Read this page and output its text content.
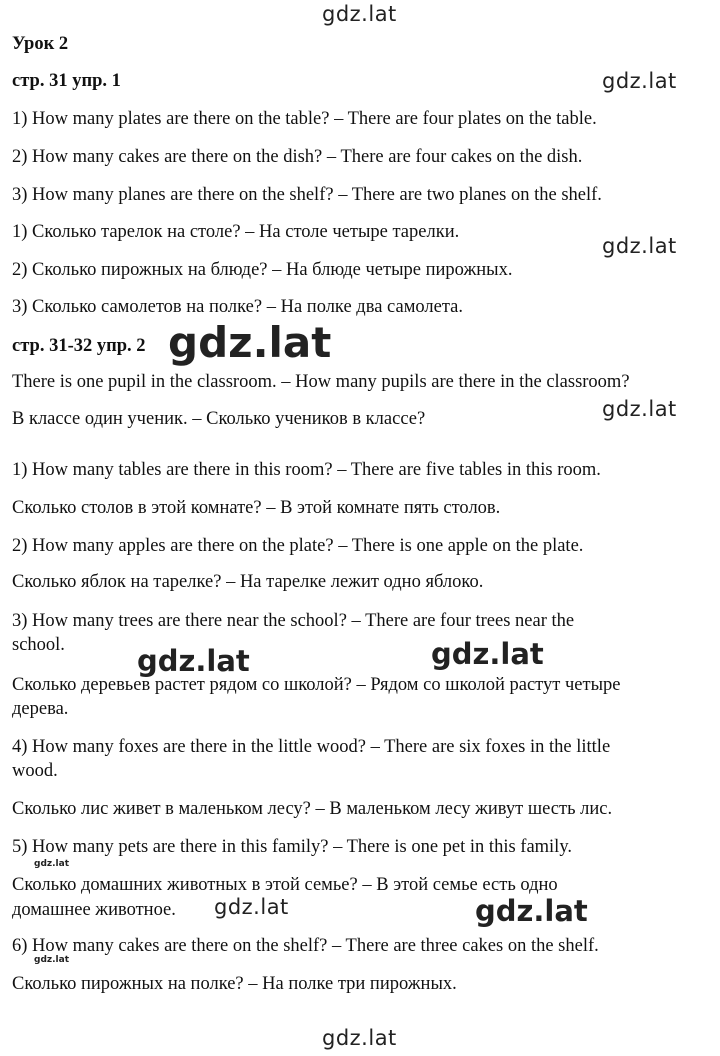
gdz.lat
gdz.lat
gdz.lat
gdz.lat
gdz.lat
gdz.lat	gdz.lat
gdz.lat
gdz.lat	gdz.lat
gdz.lat
gdz.lat
Урок 2
стр. 31 упр. 1
1) How many plates are there on the table? – There are four plates on the table.
2) How many cakes are there on the dish? – There are four cakes on the dish.
3) How many planes are there on the shelf? – There are two planes on the shelf.
1) Сколько тарелок на столе? – На столе четыре тарелки.
2) Сколько пирожных на блюде? – На блюде четыре пирожных.
3) Сколько самолетов на полке? – На полке два самолета.
стр. 31-32 упр. 2
There is one pupil in the classroom. – How many pupils are there in the classroom?
В классе один ученик. – Сколько учеников в классе?
1) How many tables are there in this room? – There are five tables in this room.
Сколько столов в этой комнате? – В этой комнате пять столов.
2) How many apples are there on the plate? – There is one apple on the plate.
Сколько яблок на тарелке? – На тарелке лежит одно яблоко.
3) How many trees are there near the school? – There are four trees near the
school.
Сколько деревьев растет рядом со школой? – Рядом со школой растут четыре
дерева.
4) How many foxes are there in the little wood? – There are six foxes in the little
wood.
Сколько лис живет в маленьком лесу? – В маленьком лесу живут шесть лис.
5) How many pets are there in this family? – There is one pet in this family.
Сколько домашних животных в этой семье? – В этой семье есть одно
домашнее животное.
6) How many cakes are there on the shelf? – There are three cakes on the shelf.
Сколько пирожных на полке? – На полке три пирожных.
